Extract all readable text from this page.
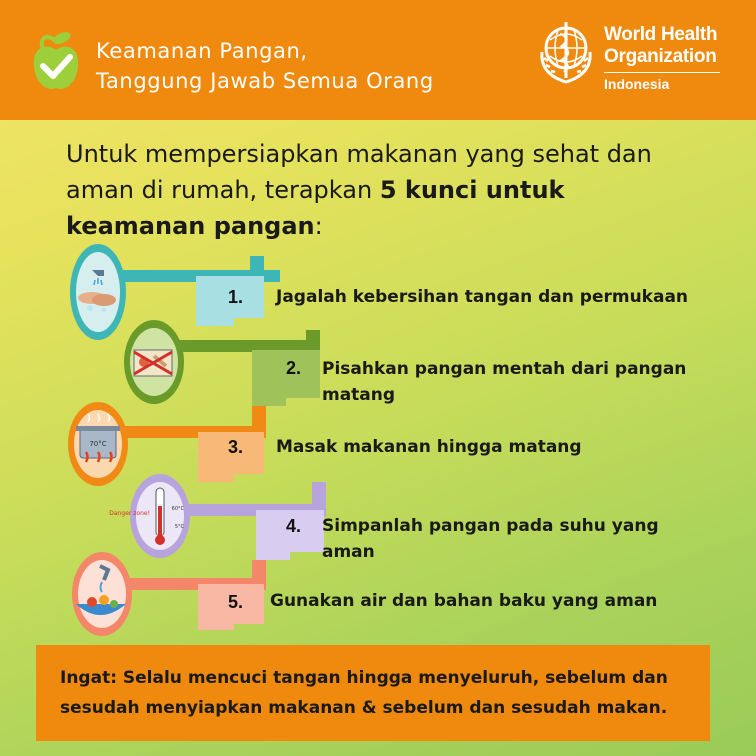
Keamanan Pangan,
Tanggung Jawab Semua Orang
World Health
Organization
Indonesia
Untuk mempersiapkan makanan yang sehat dan aman di rumah, terapkan 5 kunci untuk keamanan pangan:
70°C
Danger zone!
60°C
5°C
1. Jagalah kebersihan tangan dan permukaan
2. Pisahkan pangan mentah dari pangan
matang
3. Masak makanan hingga matang
4. Simpanlah pangan pada suhu yang
aman
5. Gunakan air dan bahan baku yang aman
Ingat: Selalu mencuci tangan hingga menyeluruh, sebelum dan sesudah menyiapkan makanan & sebelum dan sesudah makan.
